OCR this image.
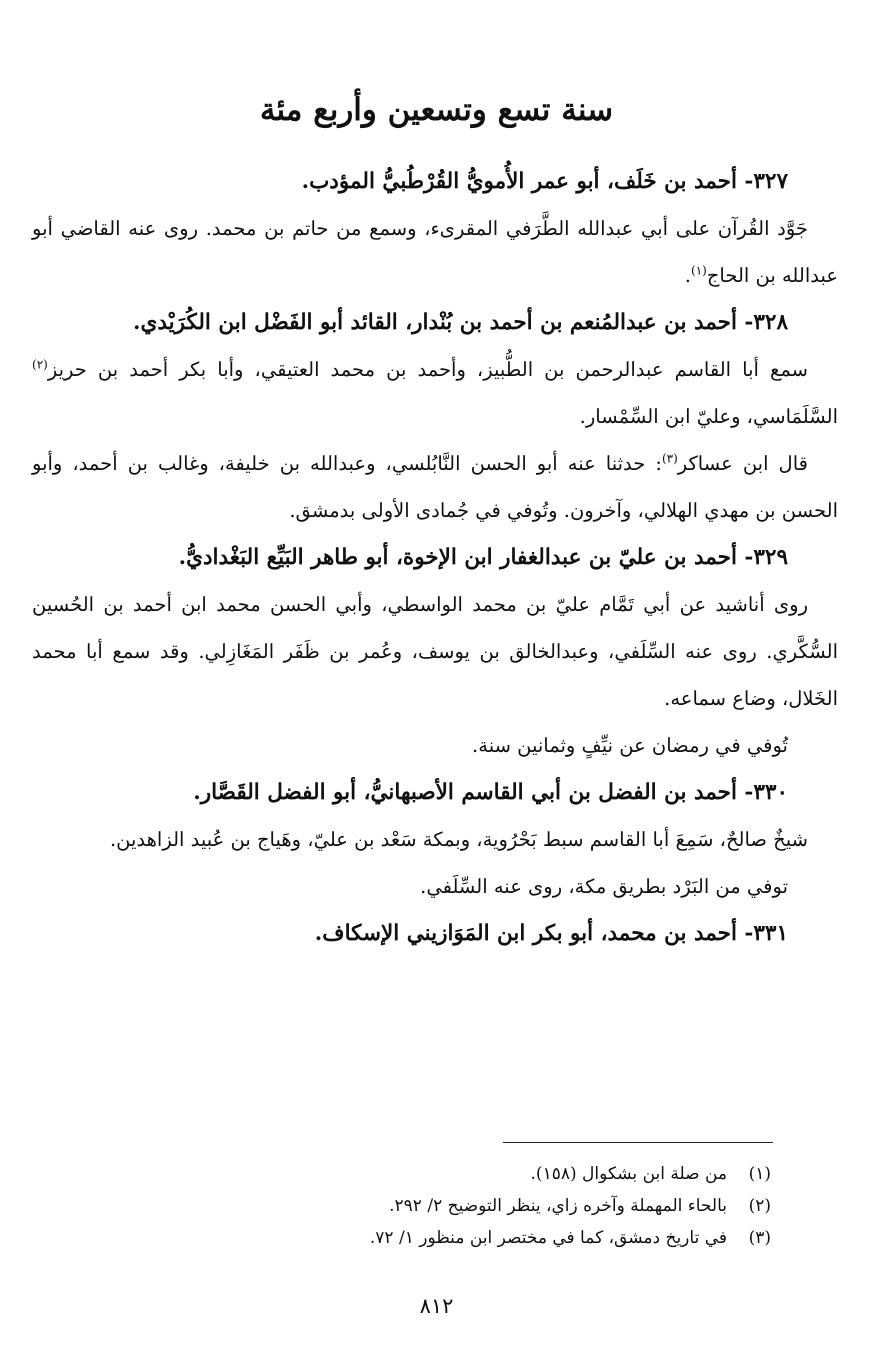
سنة تسع وتسعين وأربع مئة

٣٢٧- أحمد بن خَلَف، أبو عمر الأُمويُّ القُرْطُبيُّ المؤدب.

جَوَّد القُرآن على أبي عبدالله الطَّرَفي المقرىء، وسمع من حاتم بن محمد. روى عنه القاضي أبو عبدالله بن الحاج$^{(١)}$.

٣٢٨- أحمد بن عبدالمُنعم بن أحمد بن بُنْدار، القائد أبو الفَضْل ابن الكُرَيْدي.

سمع أبا القاسم عبدالرحمن بن الطُّبيز، وأحمد بن محمد العتيقي، وأبا بكر أحمد بن حريز$^{(٢)}$ السَّلَمَاسي، وعليّ ابن السِّمْسار.

قال ابن عساكر$^{(٣)}$: حدثنا عنه أبو الحسن النَّابُلسي، وعبدالله بن خليفة، وغالب بن أحمد، وأبو الحسن بن مهدي الهلالي، وآخرون. وتُوفي في جُمادى الأولى بدمشق.

٣٢٩- أحمد بن عليّ بن عبدالغفار ابن الإخوة، أبو طاهر البَيِّع البَغْداديُّ.

روى أناشيد عن أبي تَمَّام عليّ بن محمد الواسطي، وأبي الحسن محمد ابن أحمد بن الحُسين السُّكَّري. روى عنه السِّلَفي، وعبدالخالق بن يوسف، وعُمر بن ظَفَر المَغَازِلي. وقد سمع أبا محمد الخَلال، وضاع سماعه.

تُوفي في رمضان عن نيِّفٍ وثمانين سنة.

٣٣٠- أحمد بن الفضل بن أبي القاسم الأصبهانيُّ، أبو الفضل القَصَّار.

شيخٌ صالحٌ، سَمِعَ أبا القاسم سبط بَحْرُوية، وبمكة سَعْد بن عليّ، وهَياج بن عُبيد الزاهدين.

توفي من البَرْد بطريق مكة، روى عنه السِّلَفي.

٣٣١- أحمد بن محمد، أبو بكر ابن المَوَازيني الإسكاف.

(١)
من صلة ابن بشكوال (١٥٨).
(٢)
بالحاء المهملة وآخره زاي، ينظر التوضيح ٢/ ٢٩٢.
(٣)
في تاريخ دمشق، كما في مختصر ابن منظور ١/ ٧٢.
٨١٢
